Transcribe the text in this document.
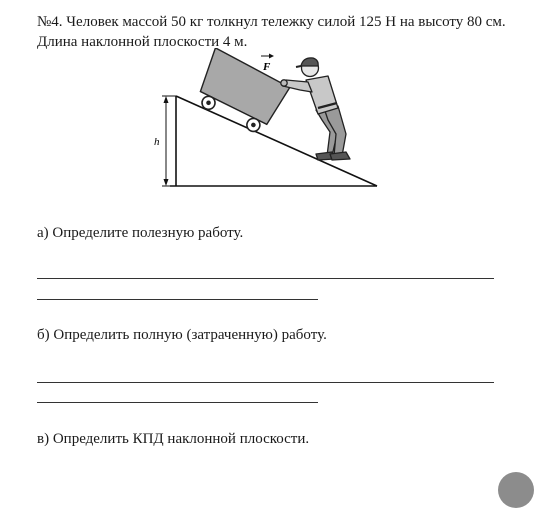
№4. Человек массой 50 кг толкнул тележку силой 125 Н на высоту 80 см. Длина наклонной плоскости 4 м.
h
F
а) Определите полезную работу.
б) Определить полную (затраченную) работу.
в) Определить КПД наклонной плоскости.
